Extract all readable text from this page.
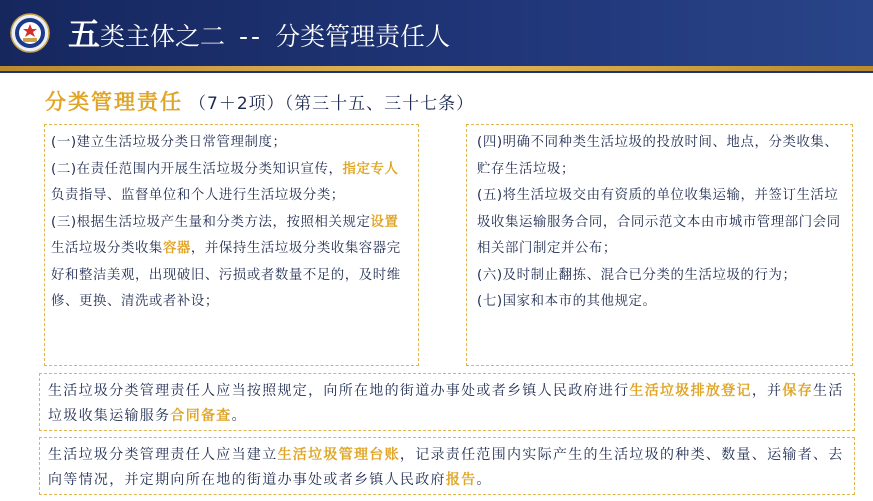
五类主体之二 -- 分类管理责任人
分类管理责任 （7＋2项）（第三十五、三十七条）

(一)建立生活垃圾分类日常管理制度；

(二)在责任范围内开展生活垃圾分类知识宣传，指定专人负责指导、监督单位和个人进行生活垃圾分类；

(三)根据生活垃圾产生量和分类方法，按照相关规定设置生活垃圾分类收集容器，并保持生活垃圾分类收集容器完好和整洁美观，出现破旧、污损或者数量不足的，及时维修、更换、清洗或者补设；

(四)明确不同种类生活垃圾的投放时间、地点，分类收集、贮存生活垃圾；

(五)将生活垃圾交由有资质的单位收集运输，并签订生活垃圾收集运输服务合同，合同示范文本由市城市管理部门会同相关部门制定并公布；

(六)及时制止翻拣、混合已分类的生活垃圾的行为；

(七)国家和本市的其他规定。

生活垃圾分类管理责任人应当按照规定，向所在地的街道办事处或者乡镇人民政府进行生活垃圾排放登记，并保存生活垃圾收集运输服务合同备查。

生活垃圾分类管理责任人应当建立生活垃圾管理台账，记录责任范围内实际产生的生活垃圾的种类、数量、运输者、去向等情况，并定期向所在地的街道办事处或者乡镇人民政府报告。
